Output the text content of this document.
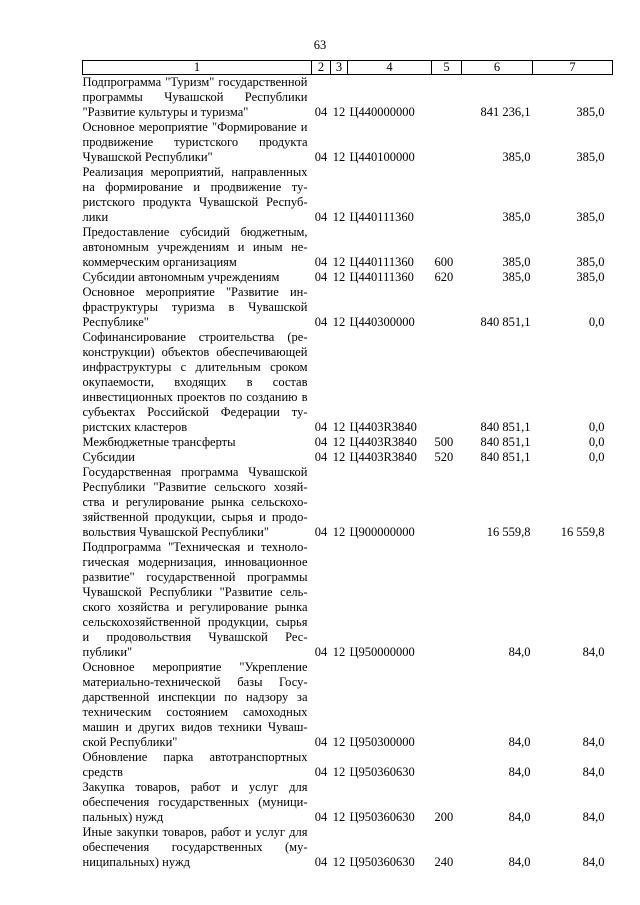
63
1	2	3	4	5	6	7
Подпрограмма "Туризм" государственной программы Чувашской Республики "Развитие культуры и туризма"	04	12	Ц440000000		841 236,1	385,0
Основное мероприятие "Формирование и продвижение туристского продукта Чувашской Республики"	04	12	Ц440100000		385,0	385,0
Реализация мероприятий, направленных на формирование и продвижение туристского продукта Чувашской Республики	04	12	Ц440111360		385,0	385,0
Предоставление субсидий бюджетным, автономным учреждениям и иным некоммерческим организациям	04	12	Ц440111360	600	385,0	385,0
Субсидии автономным учреждениям	04	12	Ц440111360	620	385,0	385,0
Основное мероприятие "Развитие инфраструктуры туризма в Чувашской Республике"	04	12	Ц440300000		840 851,1	0,0
Софинансирование строительства (реконструкции) объектов обеспечивающей инфраструктуры с длительным сроком окупаемости, входящих в состав инвестиционных проектов по созданию в субъектах Российской Федерации туристских кластеров	04	12	Ц4403R3840		840 851,1	0,0
Межбюджетные трансферты	04	12	Ц4403R3840	500	840 851,1	0,0
Субсидии	04	12	Ц4403R3840	520	840 851,1	0,0
Государственная программа Чувашской Республики "Развитие сельского хозяйства и регулирование рынка сельскохозяйственной продукции, сырья и продовольствия Чувашской Республики"	04	12	Ц900000000		16 559,8	16 559,8
Подпрограмма "Техническая и технологическая модернизация, инновационное развитие" государственной программы Чувашской Республики "Развитие сельского хозяйства и регулирование рынка сельскохозяйственной продукции, сырья и продовольствия Чувашской Республики"	04	12	Ц950000000		84,0	84,0
Основное мероприятие "Укрепление материально-технической базы Государственной инспекции по надзору за техническим состоянием самоходных машин и других видов техники Чувашской Республики"	04	12	Ц950300000		84,0	84,0
Обновление парка автотранспортных средств	04	12	Ц950360630		84,0	84,0
Закупка товаров, работ и услуг для обеспечения государственных (муниципальных) нужд	04	12	Ц950360630	200	84,0	84,0
Иные закупки товаров, работ и услуг для обеспечения государственных (муниципальных) нужд	04	12	Ц950360630	240	84,0	84,0
